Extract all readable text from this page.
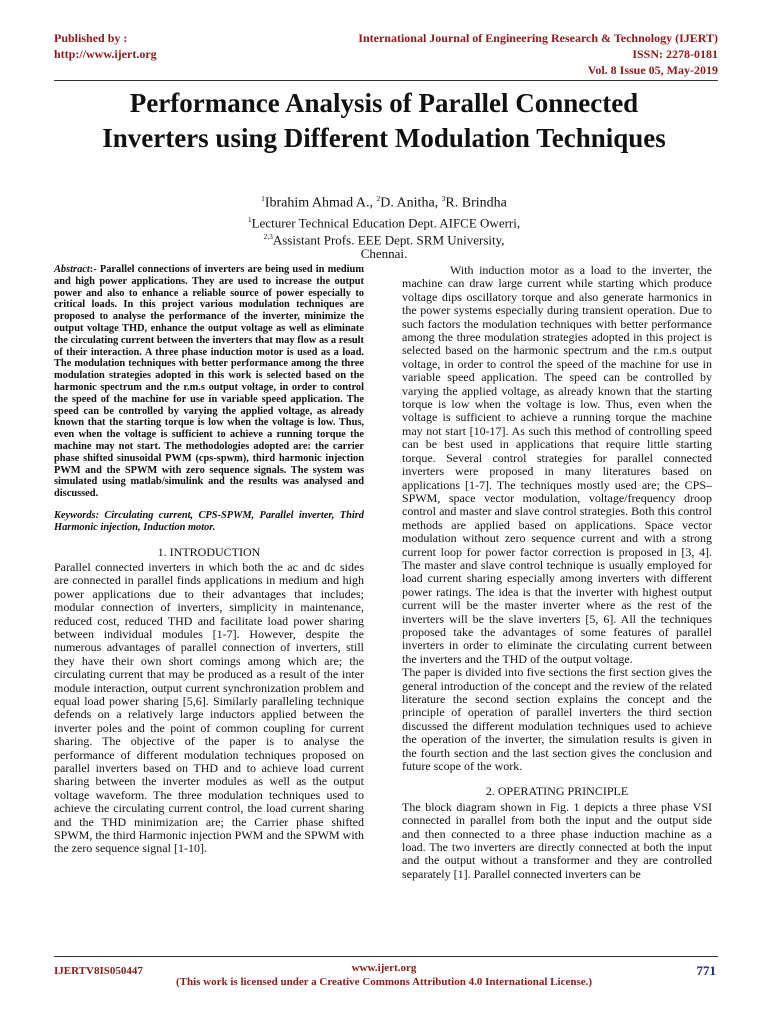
Published by :
http://www.ijert.org
International Journal of Engineering Research & Technology (IJERT)
ISSN: 2278-0181
Vol. 8 Issue 05, May-2019
Performance Analysis of Parallel Connected
Inverters using Different Modulation Techniques
$^1$Ibrahim Ahmad A., $^2$D. Anitha, $^3$R. Brindha
$^1$Lecturer Technical Education Dept. AIFCE Owerri,
$^{2,3}$Assistant Profs. EEE Dept. SRM University,
Chennai.

Abstract:- Parallel connections of inverters are being used in medium and high power applications. They are used to increase the output power and also to enhance a reliable source of power especially to critical loads. In this project various modulation techniques are proposed to analyse the performance of the inverter, minimize the output voltage THD, enhance the output voltage as well as eliminate the circulating current between the inverters that may flow as a result of their interaction. A three phase induction motor is used as a load. The modulation techniques with better performance among the three modulation strategies adopted in this work is selected based on the harmonic spectrum and the r.m.s output voltage, in order to control the speed of the machine for use in variable speed application. The speed can be controlled by varying the applied voltage, as already known that the starting torque is low when the voltage is low. Thus, even when the voltage is sufficient to achieve a running torque the machine may not start. The methodologies adopted are: the carrier phase shifted sinusoidal PWM (cps-spwm), third harmonic injection PWM and the SPWM with zero sequence signals. The system was simulated using matlab/simulink and the results was analysed and discussed.

Keywords: Circulating current, CPS-SPWM, Parallel inverter, Third Harmonic injection, Induction motor.

1. INTRODUCTION

Parallel connected inverters in which both the ac and dc sides are connected in parallel finds applications in medium and high power applications due to their advantages that includes; modular connection of inverters, simplicity in maintenance, reduced cost, reduced THD and facilitate load power sharing between individual modules [1-7]. However, despite the numerous advantages of parallel connection of inverters, still they have their own short comings among which are; the circulating current that may be produced as a result of the inter module interaction, output current synchronization problem and equal load power sharing [5,6]. Similarly paralleling technique defends on a relatively large inductors applied between the inverter poles and the point of common coupling for current sharing. The objective of the paper is to analyse the performance of different modulation techniques proposed on parallel inverters based on THD and to achieve load current sharing between the inverter modules as well as the output voltage waveform. The three modulation techniques used to achieve the circulating current control, the load current sharing and the THD minimization are; the Carrier phase shifted SPWM, the third Harmonic injection PWM and the SPWM with the zero sequence signal [1-10].

With induction motor as a load to the inverter, the machine can draw large current while starting which produce voltage dips oscillatory torque and also generate harmonics in the power systems especially during transient operation. Due to such factors the modulation techniques with better performance among the three modulation strategies adopted in this project is selected based on the harmonic spectrum and the r.m.s output voltage, in order to control the speed of the machine for use in variable speed application. The speed can be controlled by varying the applied voltage, as already known that the starting torque is low when the voltage is low. Thus, even when the voltage is sufficient to achieve a running torque the machine may not start [10-17]. As such this method of controlling speed can be best used in applications that require little starting torque. Several control strategies for parallel connected inverters were proposed in many literatures based on applications [1-7]. The techniques mostly used are; the CPS–SPWM, space vector modulation, voltage/frequency droop control and master and slave control strategies. Both this control methods are applied based on applications. Space vector modulation without zero sequence current and with a strong current loop for power factor correction is proposed in [3, 4]. The master and slave control technique is usually employed for load current sharing especially among inverters with different power ratings. The idea is that the inverter with highest output current will be the master inverter where as the rest of the inverters will be the slave inverters [5, 6]. All the techniques proposed take the advantages of some features of parallel inverters in order to eliminate the circulating current between the inverters and the THD of the output voltage.

The paper is divided into five sections the first section gives the general introduction of the concept and the review of the related literature the second section explains the concept and the principle of operation of parallel inverters the third section discussed the different modulation techniques used to achieve the operation of the inverter, the simulation results is given in the fourth section and the last section gives the conclusion and future scope of the work.

2. OPERATING PRINCIPLE

The block diagram shown in Fig. 1 depicts a three phase VSI connected in parallel from both the input and the output side and then connected to a three phase induction machine as a load. The two inverters are directly connected at both the input and the output without a transformer and they are controlled separately [1]. Parallel connected inverters can be

IJERTV8IS050447	www.ijert.org
(This work is licensed under a Creative Commons Attribution 4.0 International License.)
771
